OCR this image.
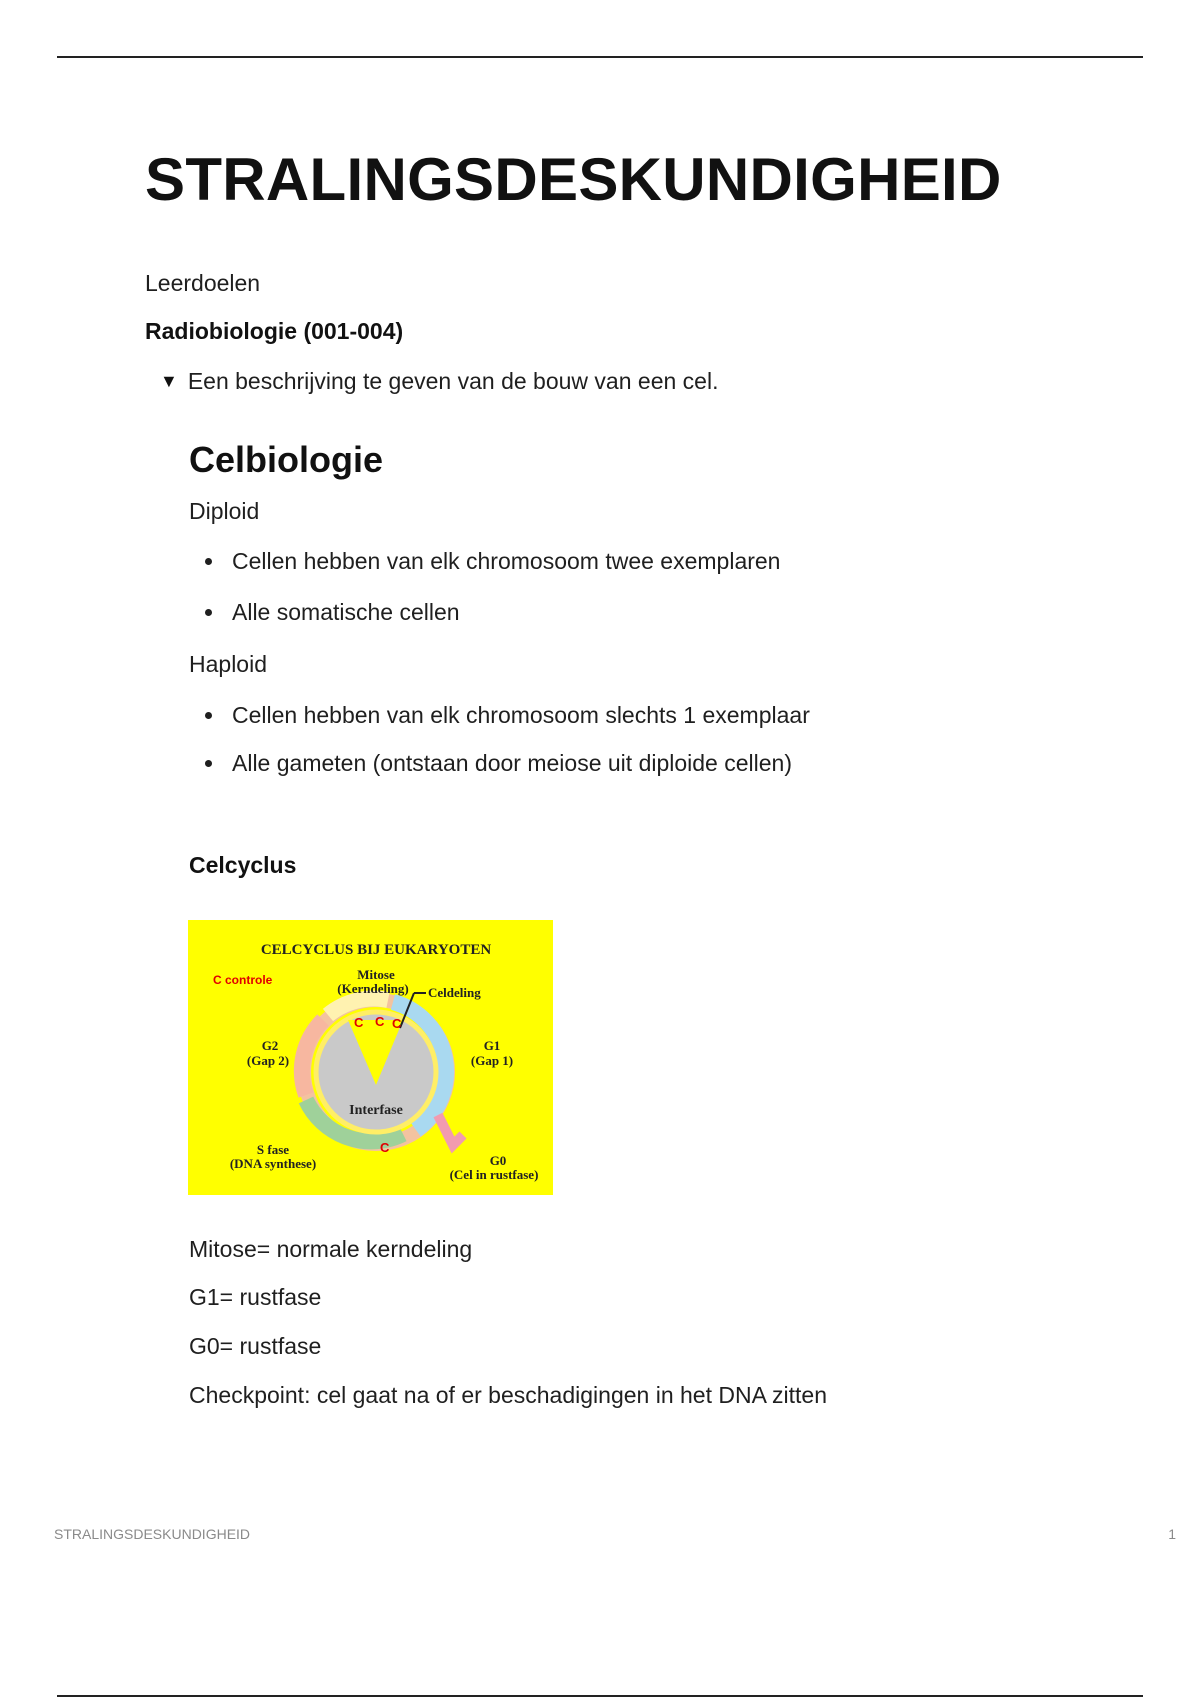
STRALINGSDESKUNDIGHEID
Leerdoelen
Radiobiologie (001-004)
▼ Een beschrijving te geven van de bouw van een cel.
Celbiologie
Diploid
Cellen hebben van elk chromosoom twee exemplaren
Alle somatische cellen
Haploid
Cellen hebben van elk chromosoom slechts 1 exemplaar
Alle gameten (ontstaan door meiose uit diploide cellen)
Celcyclus
CELCYCLUS BIJ EUKARYOTEN
C controle	Mitose
(Kerndeling) Celdeling
G2
(Gap 2)
G1
(Gap 1)
Interfase
S fase
(DNA synthese)	G0
(Cel in rustfase)
C C C
C
Mitose= normale kerndeling
G1= rustfase
G0= rustfase
Checkpoint: cel gaat na of er beschadigingen in het DNA zitten
STRALINGSDESKUNDIGHEID	1
